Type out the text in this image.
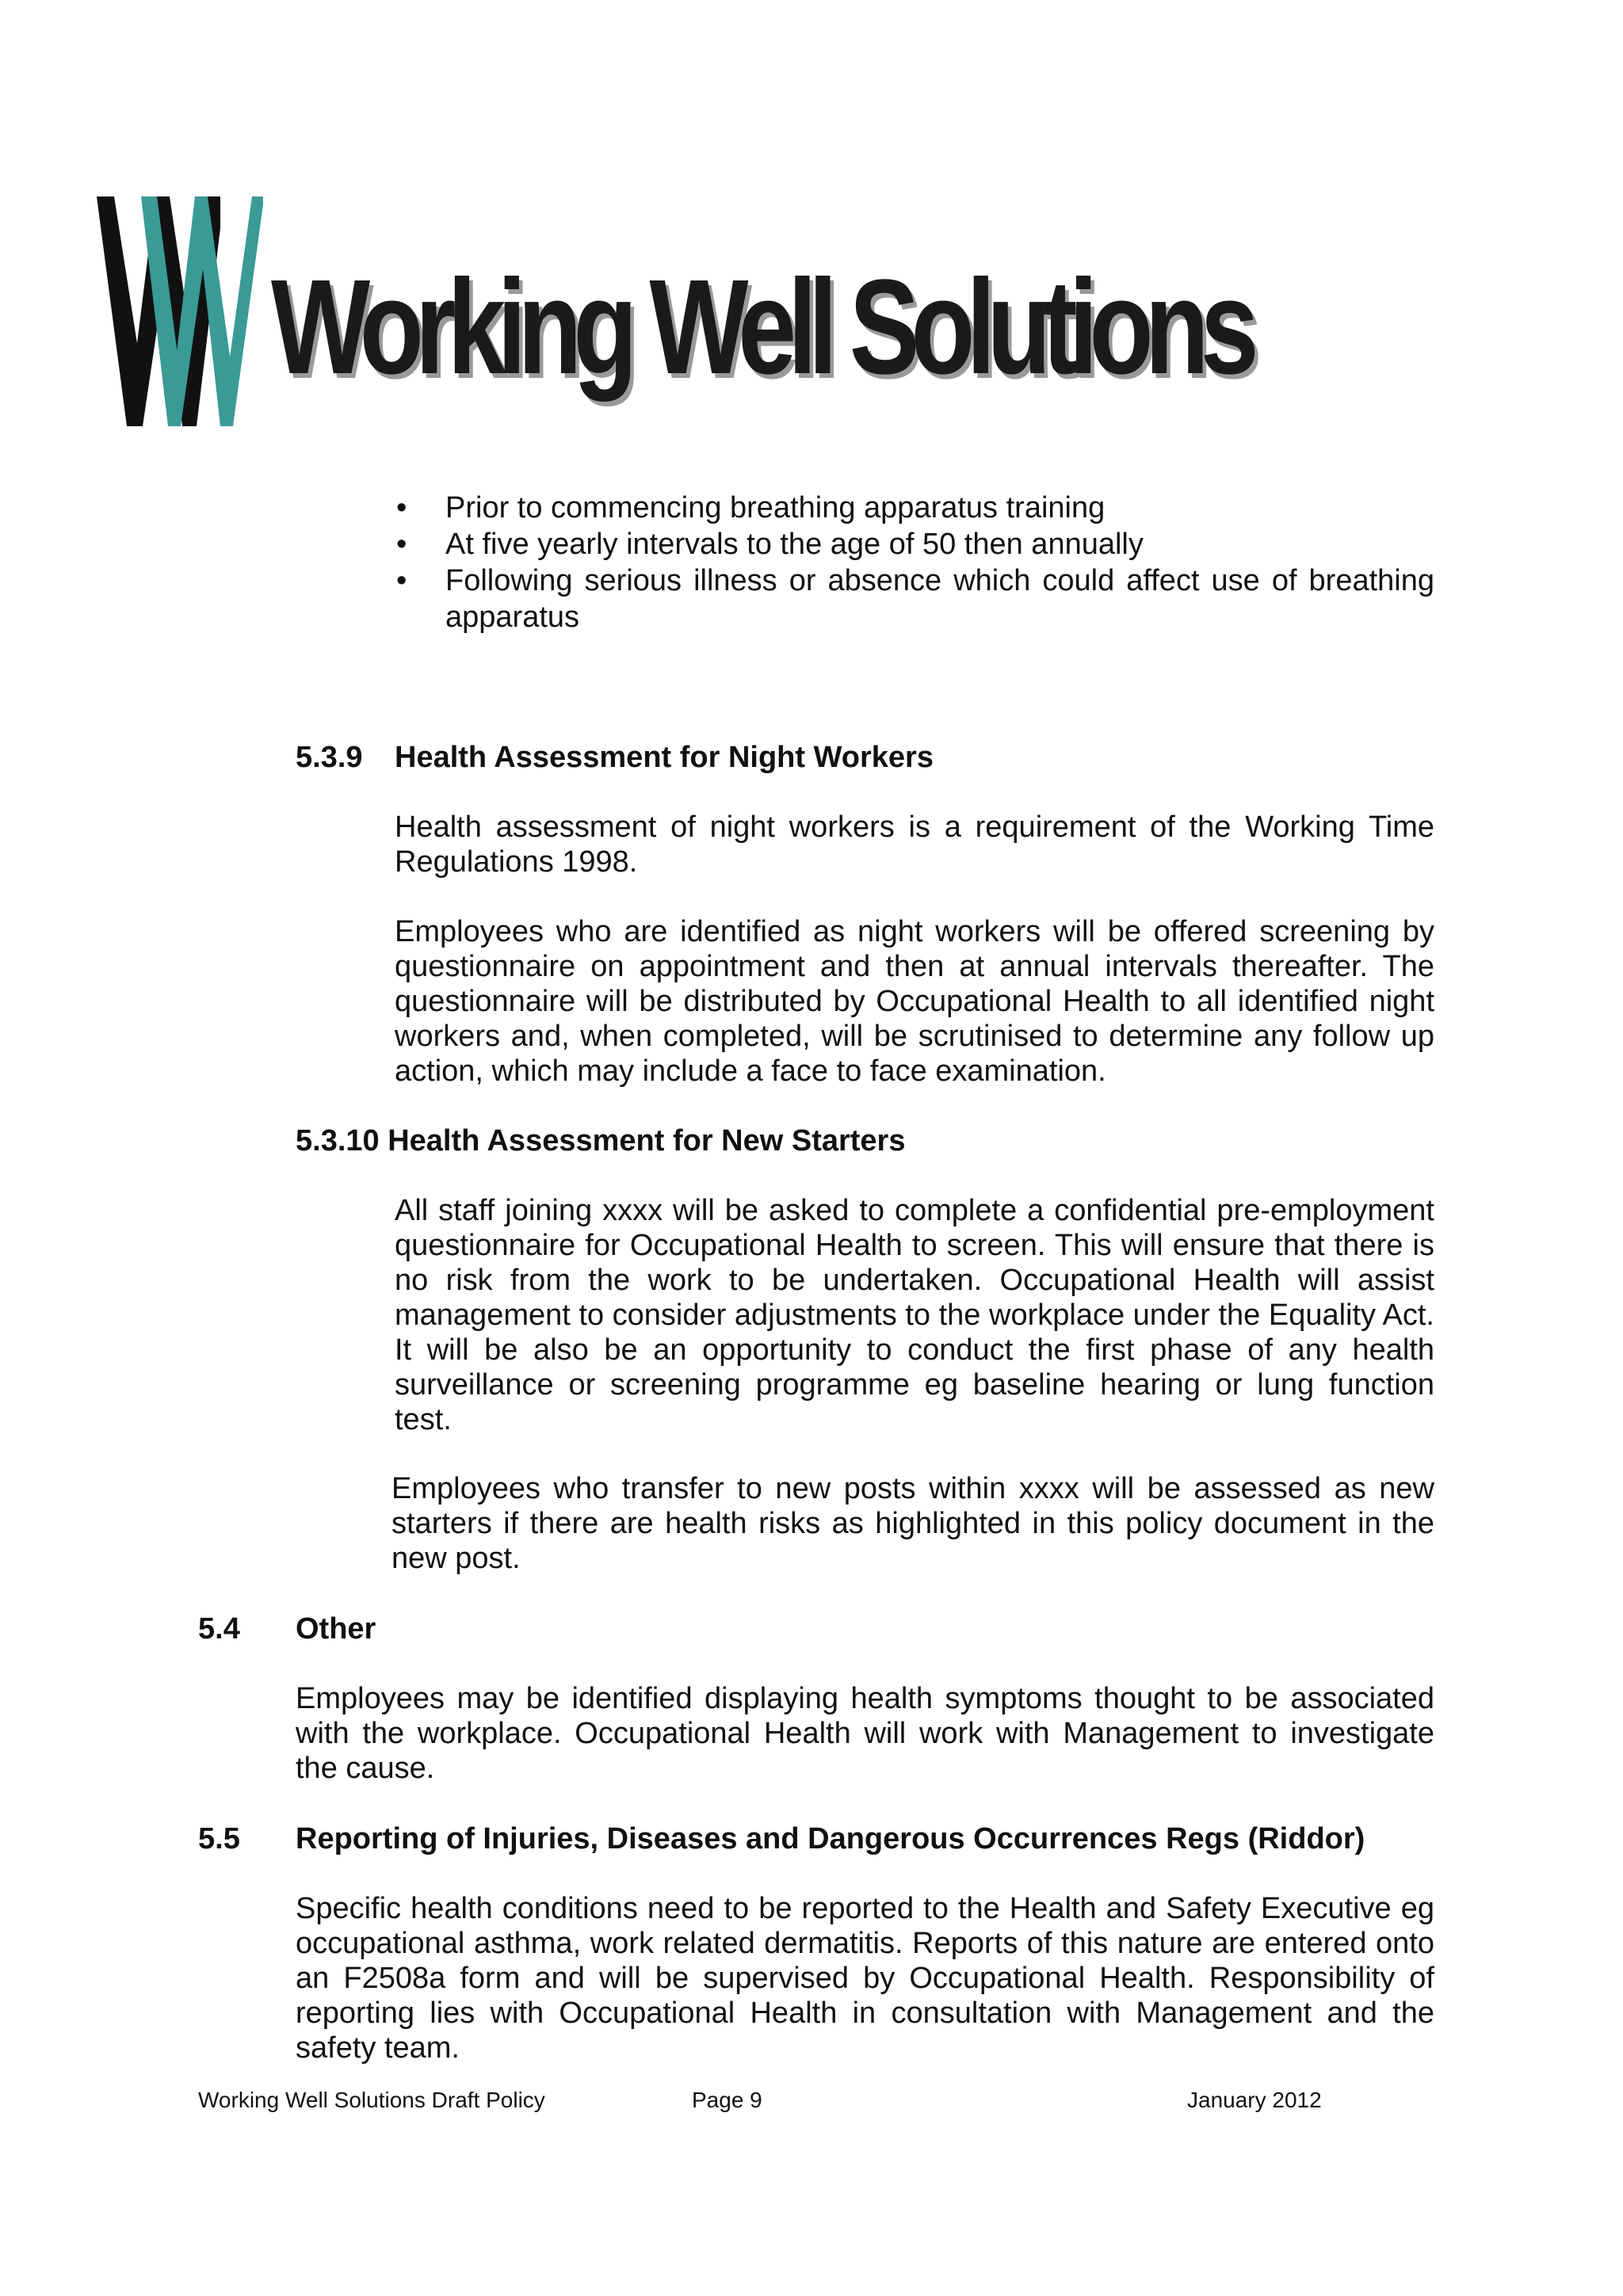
Working Well Solutions
• Prior to commencing breathing apparatus training
• At five yearly intervals to the age of 50 then annually
• Following serious illness or absence which could affect use of breathing apparatus

5.3.9 Health Assessment for Night Workers

Health assessment of night workers is a requirement of the Working Time Regulations 1998.

Employees who are identified as night workers will be offered screening by questionnaire on appointment and then at annual intervals thereafter. The questionnaire will be distributed by Occupational Health to all identified night workers and, when completed, will be scrutinised to determine any follow up action, which may include a face to face examination.

5.3.10 Health Assessment for New Starters

All staff joining xxxx will be asked to complete a confidential pre-employment questionnaire for Occupational Health to screen. This will ensure that there is no risk from the work to be undertaken. Occupational Health will assist management to consider adjustments to the workplace under the Equality Act. It will be also be an opportunity to conduct the first phase of any health surveillance or screening programme eg baseline hearing or lung function test.

Employees who transfer to new posts within xxxx will be assessed as new starters if there are health risks as highlighted in this policy document in the new post.

5.4 Other

Employees may be identified displaying health symptoms thought to be associated with the workplace. Occupational Health will work with Management to investigate the cause.

5.5 Reporting of Injuries, Diseases and Dangerous Occurrences Regs (Riddor)

Specific health conditions need to be reported to the Health and Safety Executive eg occupational asthma, work related dermatitis. Reports of this nature are entered onto an F2508a form and will be supervised by Occupational Health. Responsibility of reporting lies with Occupational Health in consultation with Management and the safety team.

Working Well Solutions Draft Policy	Page 9	January 2012
